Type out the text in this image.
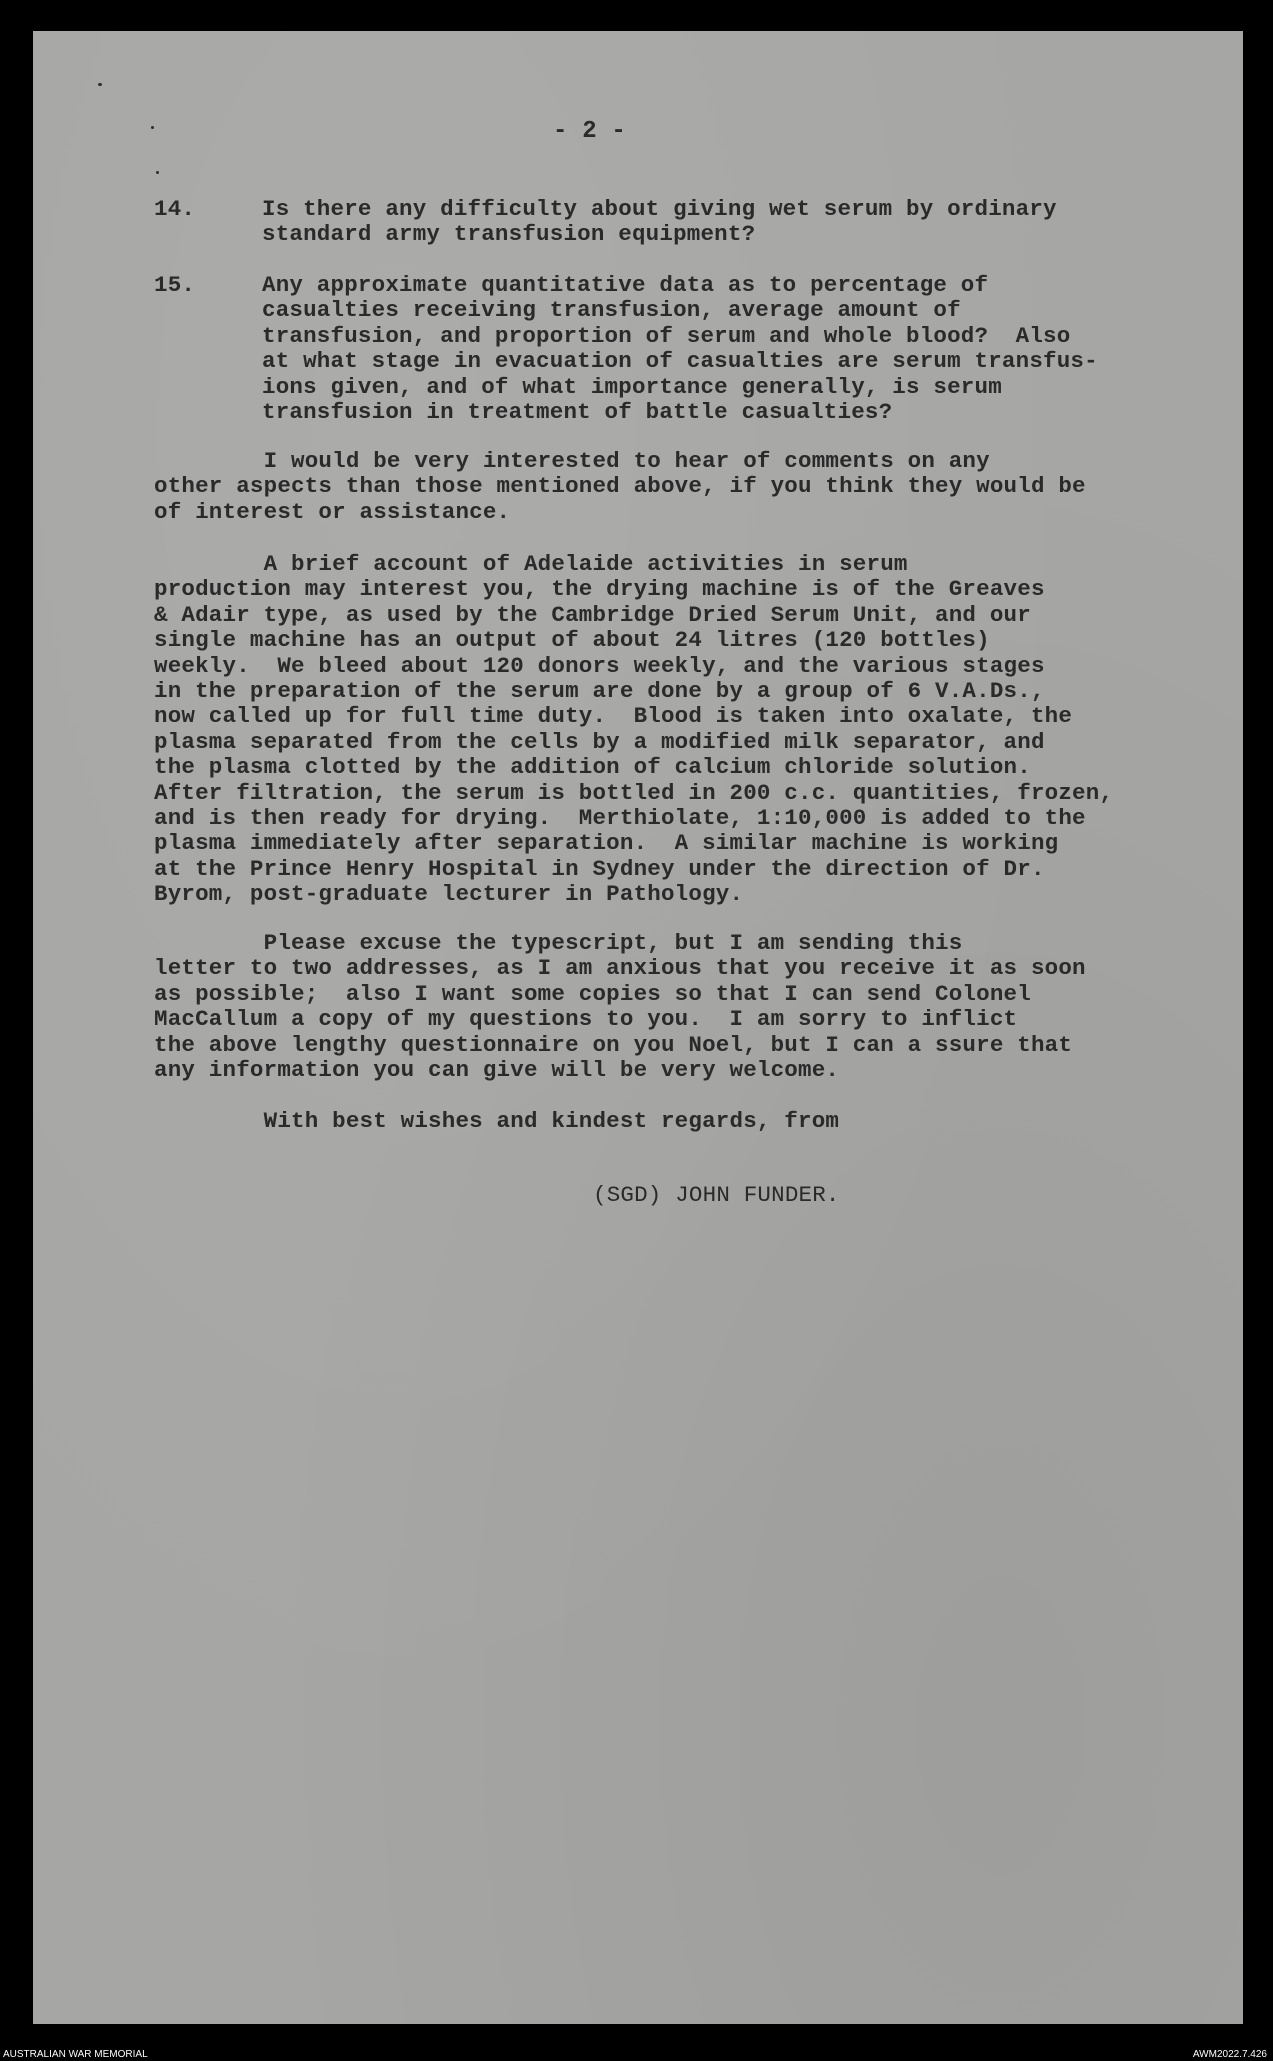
- 2 -
14.	Is there any difficulty about giving wet serum by ordinary
standard army transfusion equipment?
15.	Any approximate quantitative data as to percentage of
casualties receiving transfusion, average amount of
transfusion, and proportion of serum and whole blood?  Also
at what stage in evacuation of casualties are serum transfus-
ions given, and of what importance generally, is serum
transfusion in treatment of battle casualties?
I would be very interested to hear of comments on any
other aspects than those mentioned above, if you think they would be
of interest or assistance.
A brief account of Adelaide activities in serum
production may interest you, the drying machine is of the Greaves
& Adair type, as used by the Cambridge Dried Serum Unit, and our
single machine has an output of about 24 litres (120 bottles)
weekly.  We bleed about 120 donors weekly, and the various stages
in the preparation of the serum are done by a group of 6 V.A.Ds.,
now called up for full time duty.  Blood is taken into oxalate, the
plasma separated from the cells by a modified milk separator, and
the plasma clotted by the addition of calcium chloride solution.
After filtration, the serum is bottled in 200 c.c. quantities, frozen,
and is then ready for drying.  Merthiolate, 1:10,000 is added to the
plasma immediately after separation.  A similar machine is working
at the Prince Henry Hospital in Sydney under the direction of Dr.
Byrom, post-graduate lecturer in Pathology.
Please excuse the typescript, but I am sending this
letter to two addresses, as I am anxious that you receive it as soon
as possible;  also I want some copies so that I can send Colonel
MacCallum a copy of my questions to you.  I am sorry to inflict
the above lengthy questionnaire on you Noel, but I can a ssure that
any information you can give will be very welcome.
With best wishes and kindest regards, from
(SGD) JOHN FUNDER.
AUSTRALIAN WAR MEMORIAL	AWM2022.7.426
